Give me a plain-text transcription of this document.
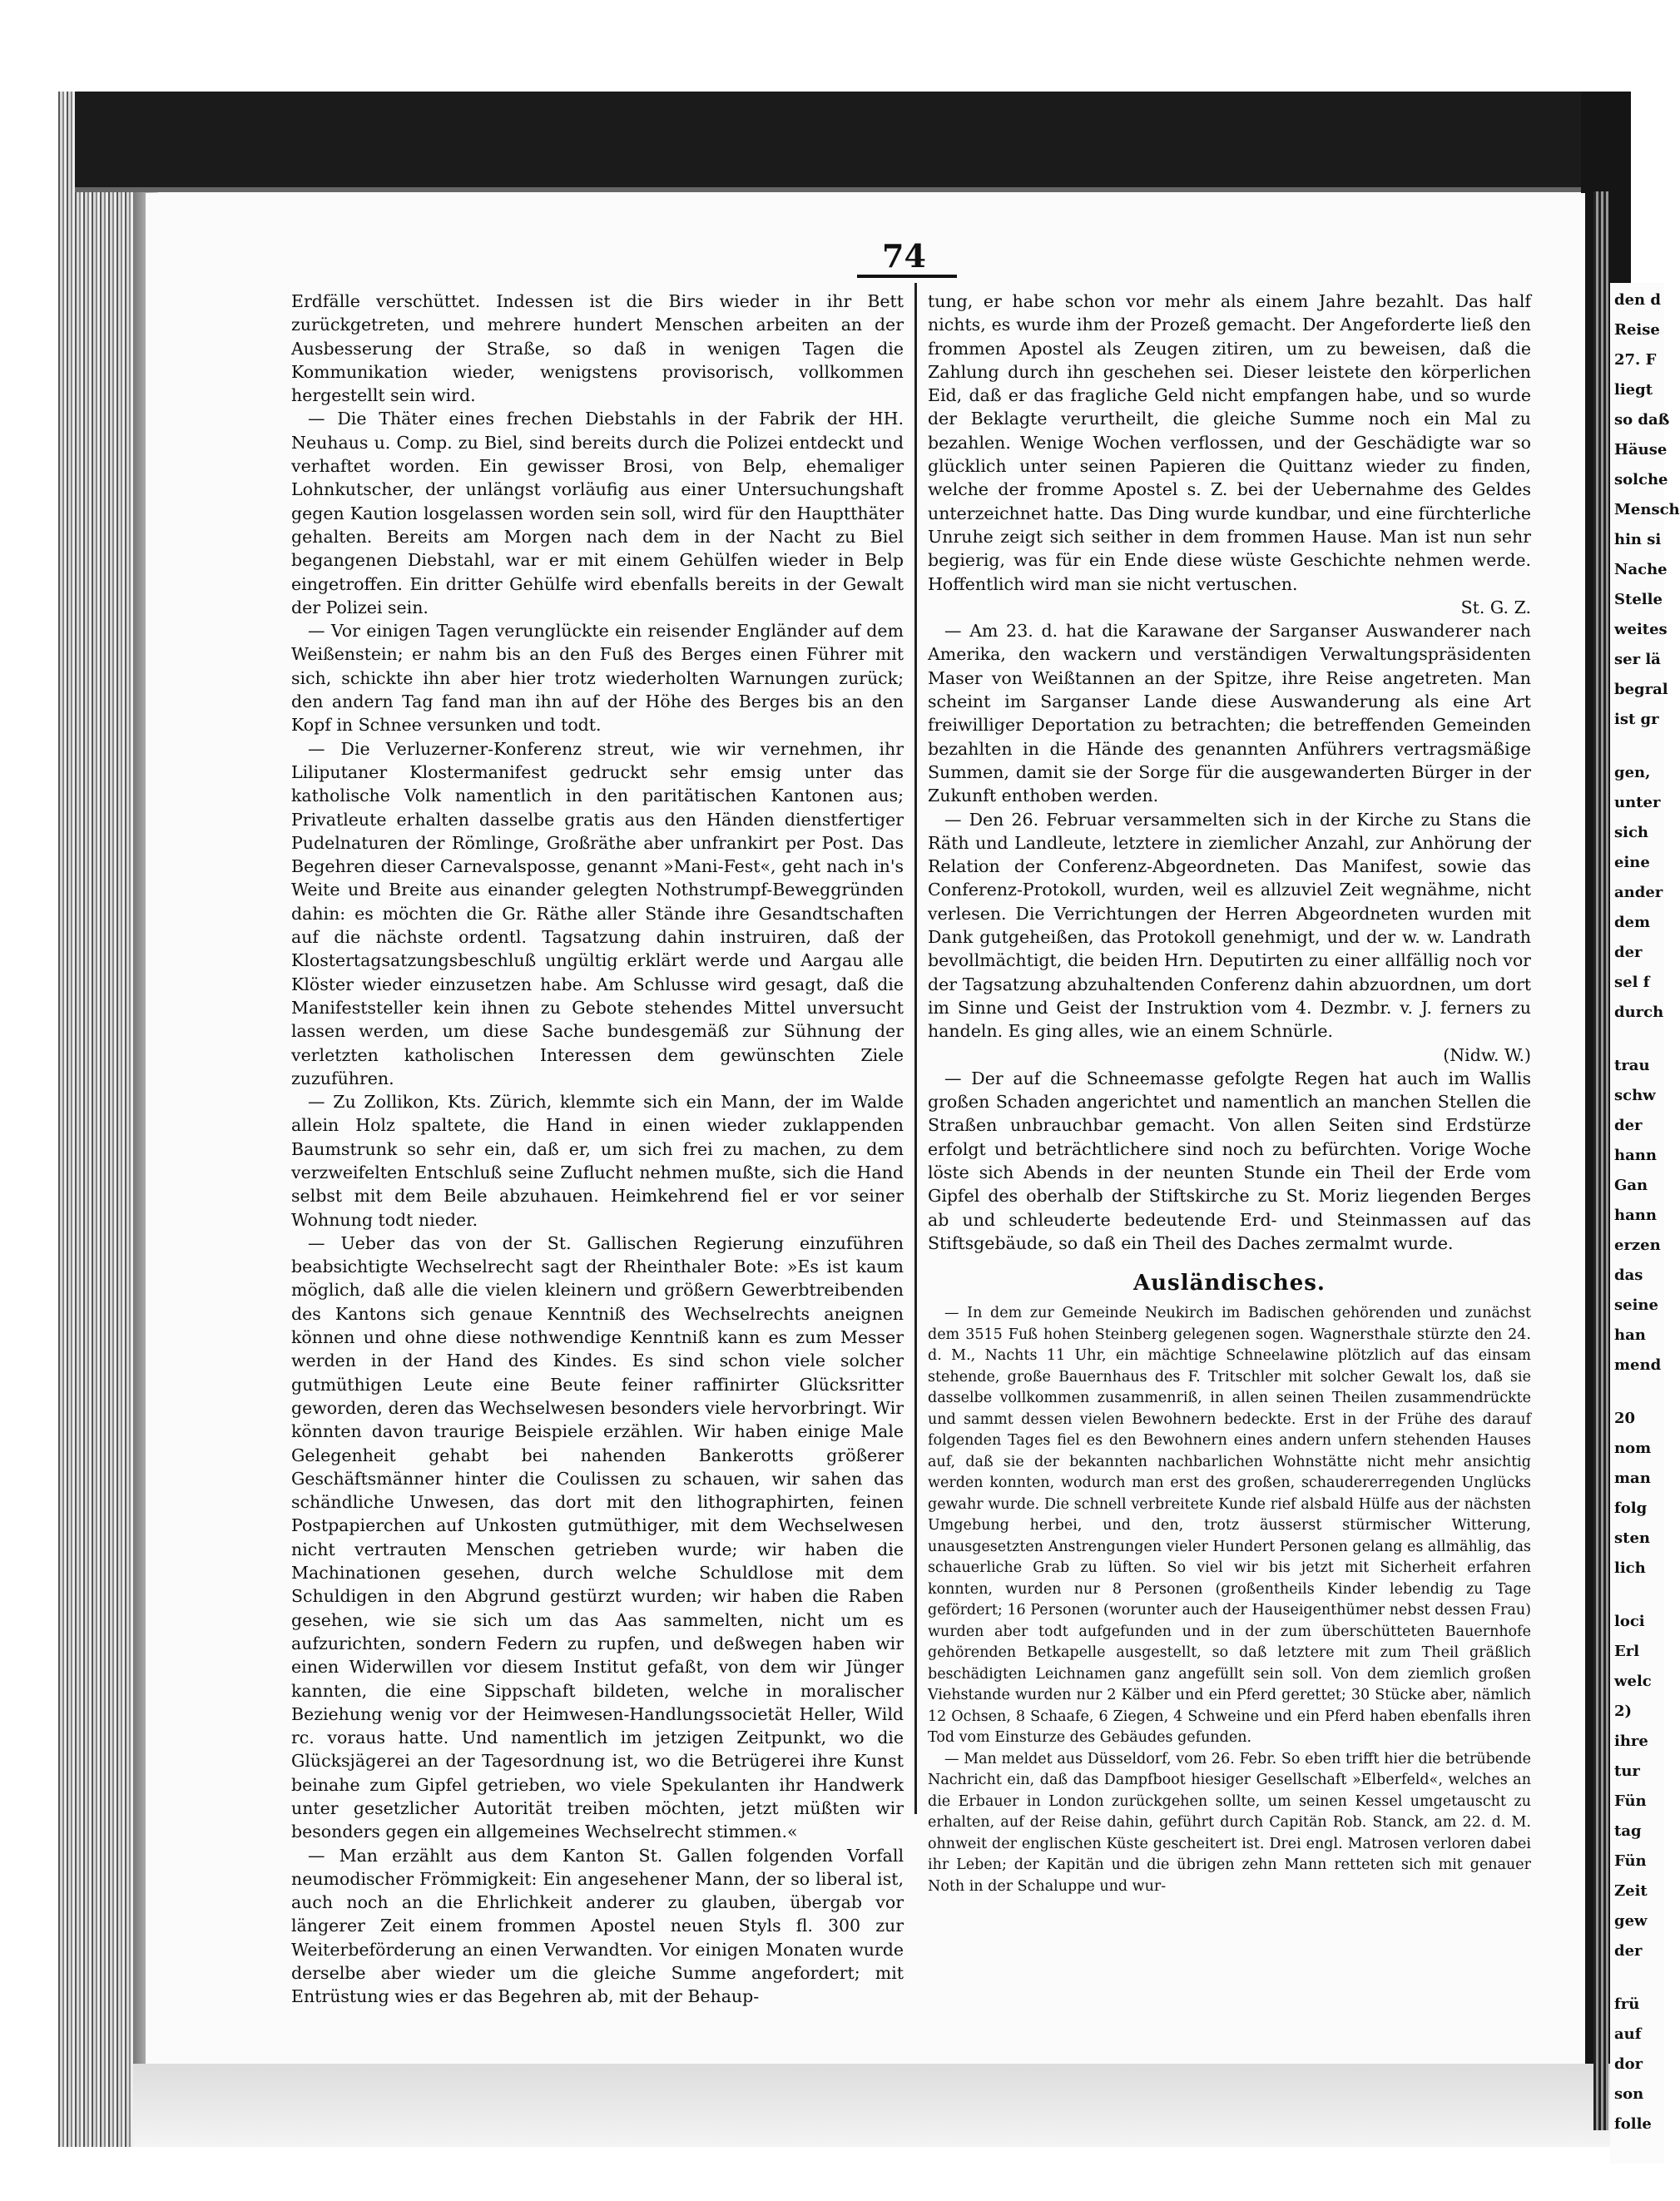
den d
Reise
27. F
liegt
so daß
Häuse
solche
Mensch
hin si
Nache
Stelle
weites
ser lä
begral
ist gr
gen,
unter
sich
eine
ander
dem
der
sel f
durch
trau
schw
der
hann
Gan
hann
erzen
das
seine
han
mend
20
nom
man
folg
sten
lich
loci
Erl
welc
2)
ihre
tur
Fün
tag
Fün
Zeit
gew
der
frü
auf
dor
son
folle
74

Erdfälle verschüttet. Indessen ist die Birs wieder in ihr Bett zurückgetreten, und mehrere hundert Menschen arbeiten an der Ausbesserung der Straße, so daß in wenigen Tagen die Kommunikation wieder, wenigstens provisorisch, vollkommen hergestellt sein wird.

— Die Thäter eines frechen Diebstahls in der Fabrik der HH. Neuhaus u. Comp. zu Biel, sind bereits durch die Polizei entdeckt und verhaftet worden. Ein gewisser Brosi, von Belp, ehemaliger Lohnkutscher, der unlängst vorläufig aus einer Untersuchungshaft gegen Kaution losgelassen worden sein soll, wird für den Hauptthäter gehalten. Bereits am Morgen nach dem in der Nacht zu Biel begangenen Diebstahl, war er mit einem Gehülfen wieder in Belp eingetroffen. Ein dritter Gehülfe wird ebenfalls bereits in der Gewalt der Polizei sein.

— Vor einigen Tagen verunglückte ein reisender Engländer auf dem Weißenstein; er nahm bis an den Fuß des Berges einen Führer mit sich, schickte ihn aber hier trotz wiederholten Warnungen zurück; den andern Tag fand man ihn auf der Höhe des Berges bis an den Kopf in Schnee versunken und todt.

— Die Verluzerner-Konferenz streut, wie wir vernehmen, ihr Liliputaner Klostermanifest gedruckt sehr emsig unter das katholische Volk namentlich in den paritätischen Kantonen aus; Privatleute erhalten dasselbe gratis aus den Händen dienstfertiger Pudelnaturen der Römlinge, Großräthe aber unfrankirt per Post. Das Begehren dieser Carnevalsposse, genannt »Mani-Fest«, geht nach in's Weite und Breite aus einander gelegten Nothstrumpf-Beweggründen dahin: es möchten die Gr. Räthe aller Stände ihre Gesandtschaften auf die nächste ordentl. Tagsatzung dahin instruiren, daß der Klostertagsatzungsbeschluß ungültig erklärt werde und Aargau alle Klöster wieder einzusetzen habe. Am Schlusse wird gesagt, daß die Manifeststeller kein ihnen zu Gebote stehendes Mittel unversucht lassen werden, um diese Sache bundesgemäß zur Sühnung der verletzten katholischen Interessen dem gewünschten Ziele zuzuführen.

— Zu Zollikon, Kts. Zürich, klemmte sich ein Mann, der im Walde allein Holz spaltete, die Hand in einen wieder zuklappenden Baumstrunk so sehr ein, daß er, um sich frei zu machen, zu dem verzweifelten Entschluß seine Zuflucht nehmen mußte, sich die Hand selbst mit dem Beile abzuhauen. Heimkehrend fiel er vor seiner Wohnung todt nieder.

— Ueber das von der St. Gallischen Regierung einzuführen beabsichtigte Wechselrecht sagt der Rheinthaler Bote: »Es ist kaum möglich, daß alle die vielen kleinern und größern Gewerbtreibenden des Kantons sich genaue Kenntniß des Wechselrechts aneignen können und ohne diese nothwendige Kenntniß kann es zum Messer werden in der Hand des Kindes. Es sind schon viele solcher gutmüthigen Leute eine Beute feiner raffinirter Glücksritter geworden, deren das Wechselwesen besonders viele hervorbringt. Wir könnten davon traurige Beispiele erzählen. Wir haben einige Male Gelegenheit gehabt bei nahenden Bankerotts größerer Geschäftsmänner hinter die Coulissen zu schauen, wir sahen das schändliche Unwesen, das dort mit den lithographirten, feinen Postpapierchen auf Unkosten gutmüthiger, mit dem Wechselwesen nicht vertrauten Menschen getrieben wurde; wir haben die Machinationen gesehen, durch welche Schuldlose mit dem Schuldigen in den Abgrund gestürzt wurden; wir haben die Raben gesehen, wie sie sich um das Aas sammelten, nicht um es aufzurichten, sondern Federn zu rupfen, und deßwegen haben wir einen Widerwillen vor diesem Institut gefaßt, von dem wir Jünger kannten, die eine Sippschaft bildeten, welche in moralischer Beziehung wenig vor der Heimwesen-Handlungssocietät Heller, Wild rc. voraus hatte. Und namentlich im jetzigen Zeitpunkt, wo die Glücksjägerei an der Tagesordnung ist, wo die Betrügerei ihre Kunst beinahe zum Gipfel getrieben, wo viele Spekulanten ihr Handwerk unter gesetzlicher Autorität treiben möchten, jetzt müßten wir besonders gegen ein allgemeines Wechselrecht stimmen.«

— Man erzählt aus dem Kanton St. Gallen folgenden Vorfall neumodischer Frömmigkeit: Ein angesehener Mann, der so liberal ist, auch noch an die Ehrlichkeit anderer zu glauben, übergab vor längerer Zeit einem frommen Apostel neuen Styls fl. 300 zur Weiterbeförderung an einen Verwandten. Vor einigen Monaten wurde derselbe aber wieder um die gleiche Summe angefordert; mit Entrüstung wies er das Begehren ab, mit der Behaup-

tung, er habe schon vor mehr als einem Jahre bezahlt. Das half nichts, es wurde ihm der Prozeß gemacht. Der Angeforderte ließ den frommen Apostel als Zeugen zitiren, um zu beweisen, daß die Zahlung durch ihn geschehen sei. Dieser leistete den körperlichen Eid, daß er das fragliche Geld nicht empfangen habe, und so wurde der Beklagte verurtheilt, die gleiche Summe noch ein Mal zu bezahlen. Wenige Wochen verflossen, und der Geschädigte war so glücklich unter seinen Papieren die Quittanz wieder zu finden, welche der fromme Apostel s. Z. bei der Uebernahme des Geldes unterzeichnet hatte. Das Ding wurde kundbar, und eine fürchterliche Unruhe zeigt sich seither in dem frommen Hause. Man ist nun sehr begierig, was für ein Ende diese wüste Geschichte nehmen werde. Hoffentlich wird man sie nicht vertuschen.

St. G. Z.

— Am 23. d. hat die Karawane der Sarganser Auswanderer nach Amerika, den wackern und verständigen Verwaltungspräsidenten Maser von Weißtannen an der Spitze, ihre Reise angetreten. Man scheint im Sarganser Lande diese Auswanderung als eine Art freiwilliger Deportation zu betrachten; die betreffenden Gemeinden bezahlten in die Hände des genannten Anführers vertragsmäßige Summen, damit sie der Sorge für die ausgewanderten Bürger in der Zukunft enthoben werden.

— Den 26. Februar versammelten sich in der Kirche zu Stans die Räth und Landleute, letztere in ziemlicher Anzahl, zur Anhörung der Relation der Conferenz-Abgeordneten. Das Manifest, sowie das Conferenz-Protokoll, wurden, weil es allzuviel Zeit wegnähme, nicht verlesen. Die Verrichtungen der Herren Abgeordneten wurden mit Dank gutgeheißen, das Protokoll genehmigt, und der w. w. Landrath bevollmächtigt, die beiden Hrn. Deputirten zu einer allfällig noch vor der Tagsatzung abzuhaltenden Conferenz dahin abzuordnen, um dort im Sinne und Geist der Instruktion vom 4. Dezmbr. v. J. ferners zu handeln. Es ging alles, wie an einem Schnürle.

(Nidw. W.)

— Der auf die Schneemasse gefolgte Regen hat auch im Wallis großen Schaden angerichtet und namentlich an manchen Stellen die Straßen unbrauchbar gemacht. Von allen Seiten sind Erdstürze erfolgt und beträchtlichere sind noch zu befürchten. Vorige Woche löste sich Abends in der neunten Stunde ein Theil der Erde vom Gipfel des oberhalb der Stiftskirche zu St. Moriz liegenden Berges ab und schleuderte bedeutende Erd- und Steinmassen auf das Stiftsgebäude, so daß ein Theil des Daches zermalmt wurde.

Ausländisches.

— In dem zur Gemeinde Neukirch im Badischen gehörenden und zunächst dem 3515 Fuß hohen Steinberg gelegenen sogen. Wagnersthale stürzte den 24. d. M., Nachts 11 Uhr, ein mächtige Schneelawine plötzlich auf das einsam stehende, große Bauernhaus des F. Tritschler mit solcher Gewalt los, daß sie dasselbe vollkommen zusammenriß, in allen seinen Theilen zusammendrückte und sammt dessen vielen Bewohnern bedeckte. Erst in der Frühe des darauf folgenden Tages fiel es den Bewohnern eines andern unfern stehenden Hauses auf, daß sie der bekannten nachbarlichen Wohnstätte nicht mehr ansichtig werden konnten, wodurch man erst des großen, schaudererregenden Unglücks gewahr wurde. Die schnell verbreitete Kunde rief alsbald Hülfe aus der nächsten Umgebung herbei, und den, trotz äusserst stürmischer Witterung, unausgesetzten Anstrengungen vieler Hundert Personen gelang es allmählig, das schauerliche Grab zu lüften. So viel wir bis jetzt mit Sicherheit erfahren konnten, wurden nur 8 Personen (großentheils Kinder lebendig zu Tage gefördert; 16 Personen (worunter auch der Hauseigenthümer nebst dessen Frau) wurden aber todt aufgefunden und in der zum überschütteten Bauernhofe gehörenden Betkapelle ausgestellt, so daß letztere mit zum Theil gräßlich beschädigten Leichnamen ganz angefüllt sein soll. Von dem ziemlich großen Viehstande wurden nur 2 Kälber und ein Pferd gerettet; 30 Stücke aber, nämlich 12 Ochsen, 8 Schaafe, 6 Ziegen, 4 Schweine und ein Pferd haben ebenfalls ihren Tod vom Einsturze des Gebäudes gefunden.

— Man meldet aus Düsseldorf, vom 26. Febr. So eben trifft hier die betrübende Nachricht ein, daß das Dampfboot hiesiger Gesellschaft »Elberfeld«, welches an die Erbauer in London zurückgehen sollte, um seinen Kessel umgetauscht zu erhalten, auf der Reise dahin, geführt durch Capitän Rob. Stanck, am 22. d. M. ohnweit der englischen Küste gescheitert ist. Drei engl. Matrosen verloren dabei ihr Leben; der Kapitän und die übrigen zehn Mann retteten sich mit genauer Noth in der Schaluppe und wur-
